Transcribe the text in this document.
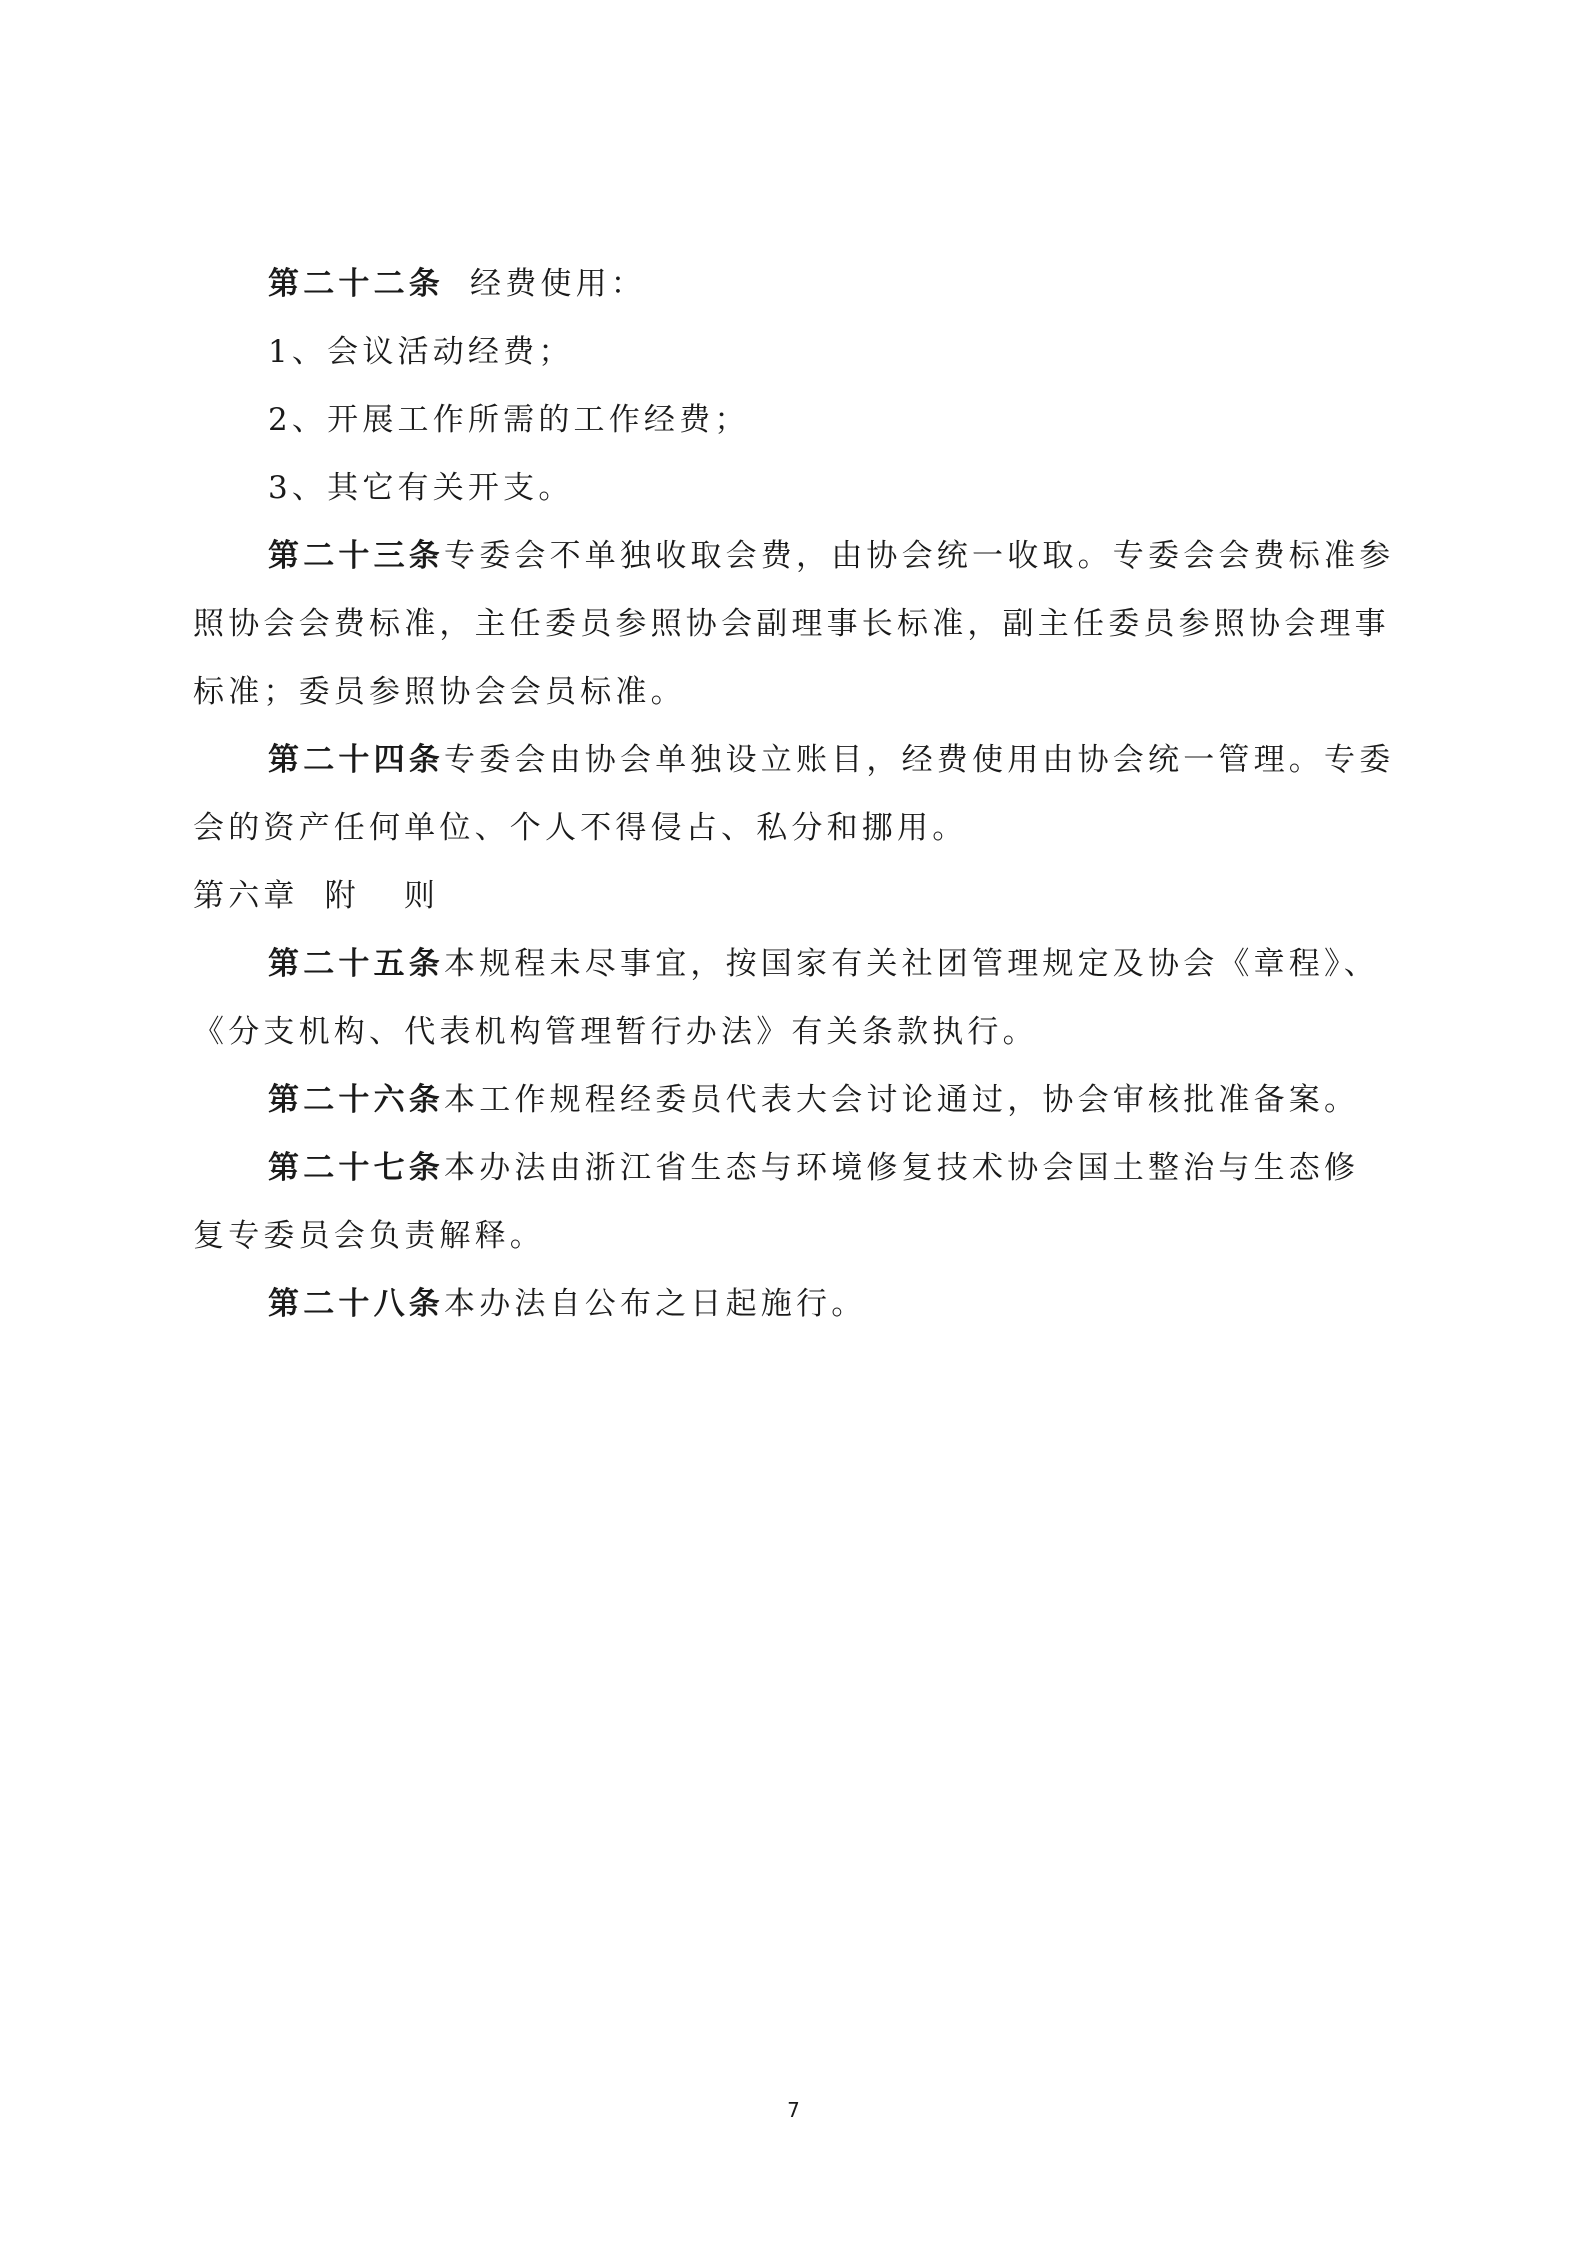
第二十二条 经费使用：
1、会议活动经费；
2、开展工作所需的工作经费；
3、其它有关开支。
第二十三条专委会不单独收取会费，由协会统一收取。专委会会费标准参
照协会会费标准，主任委员参照协会副理事长标准，副主任委员参照协会理事
标准；委员参照协会会员标准。
第二十四条专委会由协会单独设立账目，经费使用由协会统一管理。专委
会的资产任何单位、个人不得侵占、私分和挪用。
第六章 附 则
第二十五条本规程未尽事宜，按国家有关社团管理规定及协会《章程》、
《分支机构、代表机构管理暂行办法》有关条款执行。
第二十六条本工作规程经委员代表大会讨论通过，协会审核批准备案。
第二十七条本办法由浙江省生态与环境修复技术协会国土整治与生态修
复专委员会负责解释。
第二十八条本办法自公布之日起施行。
7
